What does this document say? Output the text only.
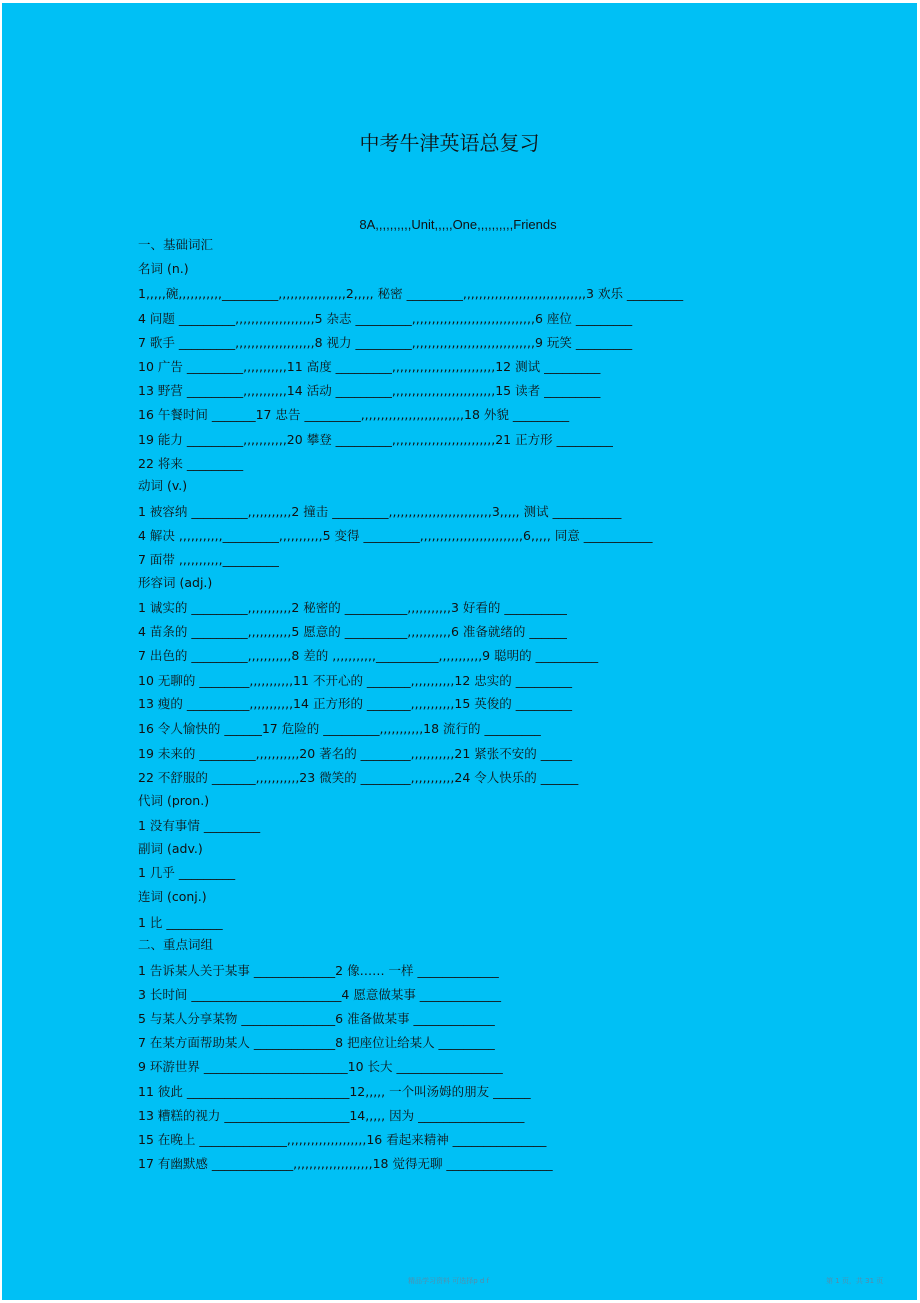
中考牛津英语总复习
8A,,,,,,,,,,Unit,,,,,One,,,,,,,,,,Friends
一、基础词汇
名词 (n.)
1,,,,,碗,,,,,,,,,,,_________,,,,,,,,,,,,,,,,,2,,,,, 秘密 _________,,,,,,,,,,,,,,,,,,,,,,,,,,,,,,,3 欢乐 _________
4 问题 _________,,,,,,,,,,,,,,,,,,,,5 杂志 _________,,,,,,,,,,,,,,,,,,,,,,,,,,,,,,,6 座位 _________
7 歌手 _________,,,,,,,,,,,,,,,,,,,,8 视力 _________,,,,,,,,,,,,,,,,,,,,,,,,,,,,,,,9 玩笑 _________
10 广告 _________,,,,,,,,,,,11 高度 _________,,,,,,,,,,,,,,,,,,,,,,,,,,12 测试 _________
13 野营 _________,,,,,,,,,,,14 活动 _________,,,,,,,,,,,,,,,,,,,,,,,,,,15 读者 _________
16 午餐时间 _______17 忠告 _________,,,,,,,,,,,,,,,,,,,,,,,,,,18 外貌 _________
19 能力 _________,,,,,,,,,,,20 攀登 _________,,,,,,,,,,,,,,,,,,,,,,,,,,21 正方形 _________
22 将来 _________
动词 (v.)
1 被容纳 _________,,,,,,,,,,,2 撞击 _________,,,,,,,,,,,,,,,,,,,,,,,,,,3,,,,, 测试 ___________
4 解决 ,,,,,,,,,,,_________,,,,,,,,,,,5 变得 _________,,,,,,,,,,,,,,,,,,,,,,,,,,6,,,,, 同意 ___________
7 面带 ,,,,,,,,,,,_________
形容词 (adj.)
1 诚实的 _________,,,,,,,,,,,2 秘密的 __________,,,,,,,,,,,3 好看的 __________
4 苗条的 _________,,,,,,,,,,,5 愿意的 __________,,,,,,,,,,,6 准备就绪的 ______
7 出色的 _________,,,,,,,,,,,8 差的 ,,,,,,,,,,,__________,,,,,,,,,,,9 聪明的 __________
10 无聊的 ________,,,,,,,,,,,11 不开心的 _______,,,,,,,,,,,12 忠实的 _________
13 瘦的 __________,,,,,,,,,,,14 正方形的 _______,,,,,,,,,,,15 英俊的 _________
16 令人愉快的 ______17 危险的 _________,,,,,,,,,,,18 流行的 _________
19 未来的 _________,,,,,,,,,,,20 著名的 ________,,,,,,,,,,,21 紧张不安的 _____
22 不舒服的 _______,,,,,,,,,,,23 微笑的 ________,,,,,,,,,,,24 令人快乐的 ______
代词 (pron.)
1 没有事情 _________
副词 (adv.)
1 几乎 _________
连词 (conj.)
1 比 _________
二、重点词组
1 告诉某人关于某事 _____________2 像…… 一样 _____________
3 长时间 ________________________4 愿意做某事 _____________
5 与某人分享某物 _______________6 准备做某事 _____________
7 在某方面帮助某人 _____________8 把座位让给某人 _________
9 环游世界 _______________________10 长大 _________________
11 彼此 __________________________12,,,,, 一个叫汤姆的朋友 ______
13 糟糕的视力 ____________________14,,,,, 因为 _________________
15 在晚上 ______________,,,,,,,,,,,,,,,,,,,,16 看起来精神 _______________
17 有幽默感 _____________,,,,,,,,,,,,,,,,,,,,18 觉得无聊 _________________
精品学习资料 可选择p d f	第 1 页，共 31 页
